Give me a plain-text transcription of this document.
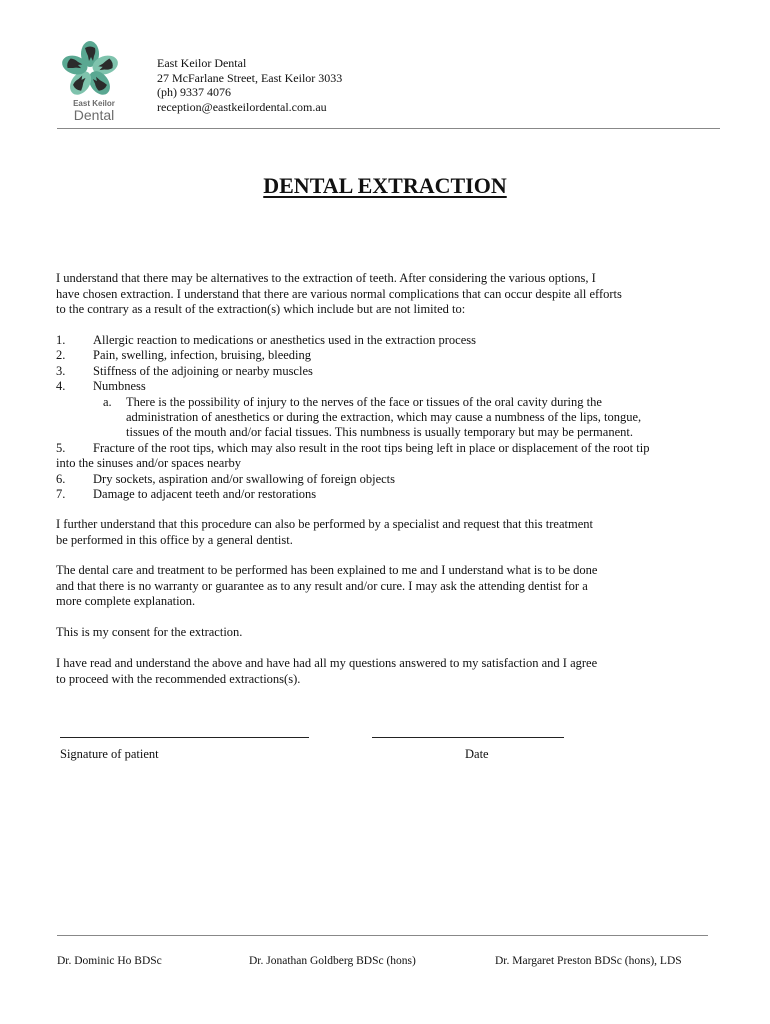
East Keilor
Dental
East Keilor Dental
27 McFarlane Street, East Keilor 3033
(ph) 9337 4076
reception@eastkeilordental.com.au
DENTAL EXTRACTION
I understand that there may be alternatives to the extraction of teeth. After considering the various options, I
have chosen extraction. I understand that there are various normal complications that can occur despite all efforts
to the contrary as a result of the extraction(s) which include but are not limited to:
1. Allergic reaction to medications or anesthetics used in the extraction process
2. Pain, swelling, infection, bruising, bleeding
3. Stiffness of the adjoining or nearby muscles
4. Numbness
a. There is the possibility of injury to the nerves of the face or tissues of the oral cavity during the
administration of anesthetics or during the extraction, which may cause a numbness of the lips, tongue,
tissues of the mouth and/or facial tissues. This numbness is usually temporary but may be permanent.
5. Fracture of the root tips, which may also result in the root tips being left in place or displacement of the root tip
into the sinuses and/or spaces nearby
6. Dry sockets, aspiration and/or swallowing of foreign objects
7. Damage to adjacent teeth and/or restorations
I further understand that this procedure can also be performed by a specialist and request that this treatment
be performed in this office by a general dentist.
The dental care and treatment to be performed has been explained to me and I understand what is to be done
and that there is no warranty or guarantee as to any result and/or cure. I may ask the attending dentist for a
more complete explanation.
This is my consent for the extraction.
I have read and understand the above and have had all my questions answered to my satisfaction and I agree
to proceed with the recommended extractions(s).
Signature of patient	Date
Dr. Dominic Ho BDSc	Dr. Jonathan Goldberg BDSc (hons)	Dr. Margaret Preston BDSc (hons), LDS
